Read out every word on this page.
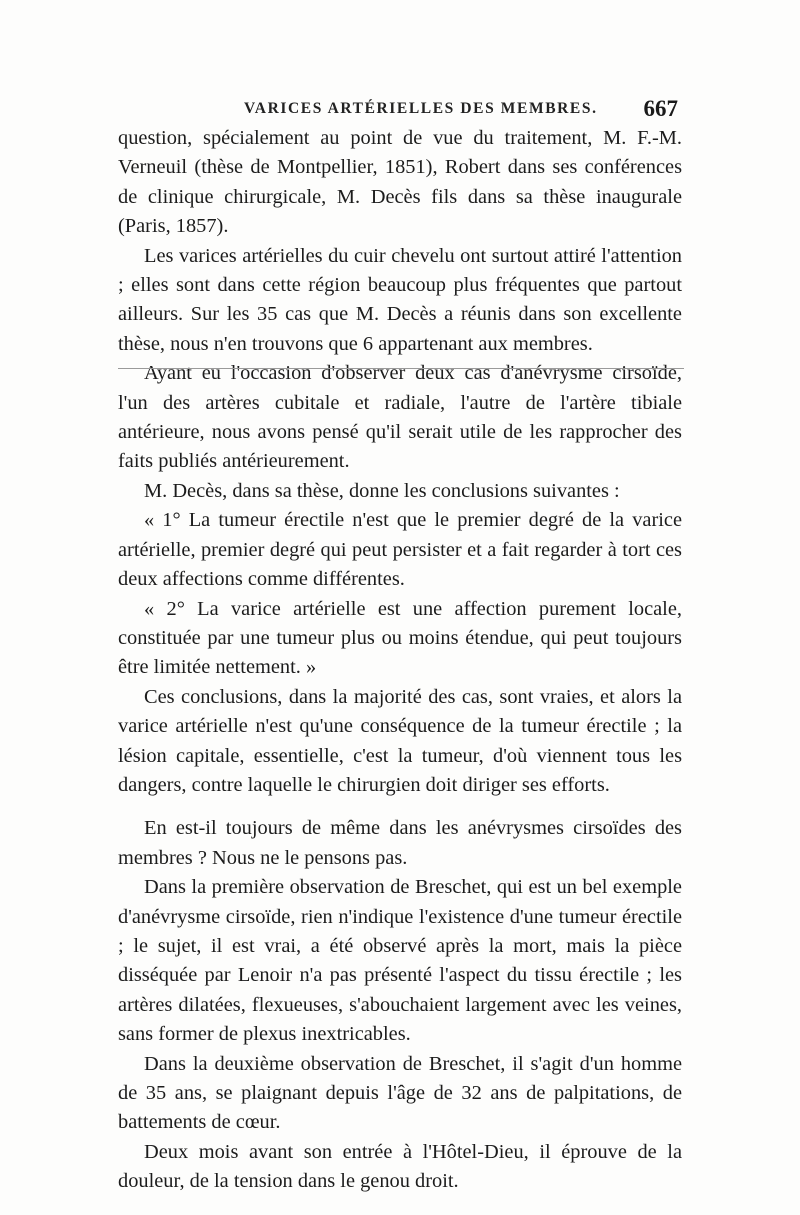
VARICES ARTÉRIELLES DES MEMBRES. 667

question, spécialement au point de vue du traitement, M. F.-M. Verneuil (thèse de Montpellier, 1851), Robert dans ses conférences de clinique chirurgicale, M. Decès fils dans sa thèse inaugurale (Paris, 1857).

Les varices artérielles du cuir chevelu ont surtout attiré l'attention ; elles sont dans cette région beaucoup plus fréquentes que partout ailleurs. Sur les 35 cas que M. Decès a réunis dans son excellente thèse, nous n'en trouvons que 6 appartenant aux membres.

Ayant eu l'occasion d'observer deux cas d'anévrysme cirsoïde, l'un des artères cubitale et radiale, l'autre de l'artère tibiale antérieure, nous avons pensé qu'il serait utile de les rapprocher des faits publiés antérieurement.

M. Decès, dans sa thèse, donne les conclusions suivantes :

« 1° La tumeur érectile n'est que le premier degré de la varice artérielle, premier degré qui peut persister et a fait regarder à tort ces deux affections comme différentes.

« 2° La varice artérielle est une affection purement locale, constituée par une tumeur plus ou moins étendue, qui peut toujours être limitée nettement. »

Ces conclusions, dans la majorité des cas, sont vraies, et alors la varice artérielle n'est qu'une conséquence de la tumeur érectile ; la lésion capitale, essentielle, c'est la tumeur, d'où viennent tous les dangers, contre laquelle le chirurgien doit diriger ses efforts.

En est-il toujours de même dans les anévrysmes cirsoïdes des membres ? Nous ne le pensons pas.

Dans la première observation de Breschet, qui est un bel exemple d'anévrysme cirsoïde, rien n'indique l'existence d'une tumeur érectile ; le sujet, il est vrai, a été observé après la mort, mais la pièce disséquée par Lenoir n'a pas présenté l'aspect du tissu érectile ; les artères dilatées, flexueuses, s'abouchaient largement avec les veines, sans former de plexus inextricables.

Dans la deuxième observation de Breschet, il s'agit d'un homme de 35 ans, se plaignant depuis l'âge de 32 ans de palpitations, de battements de cœur.

Deux mois avant son entrée à l'Hôtel-Dieu, il éprouve de la douleur, de la tension dans le genou droit.
